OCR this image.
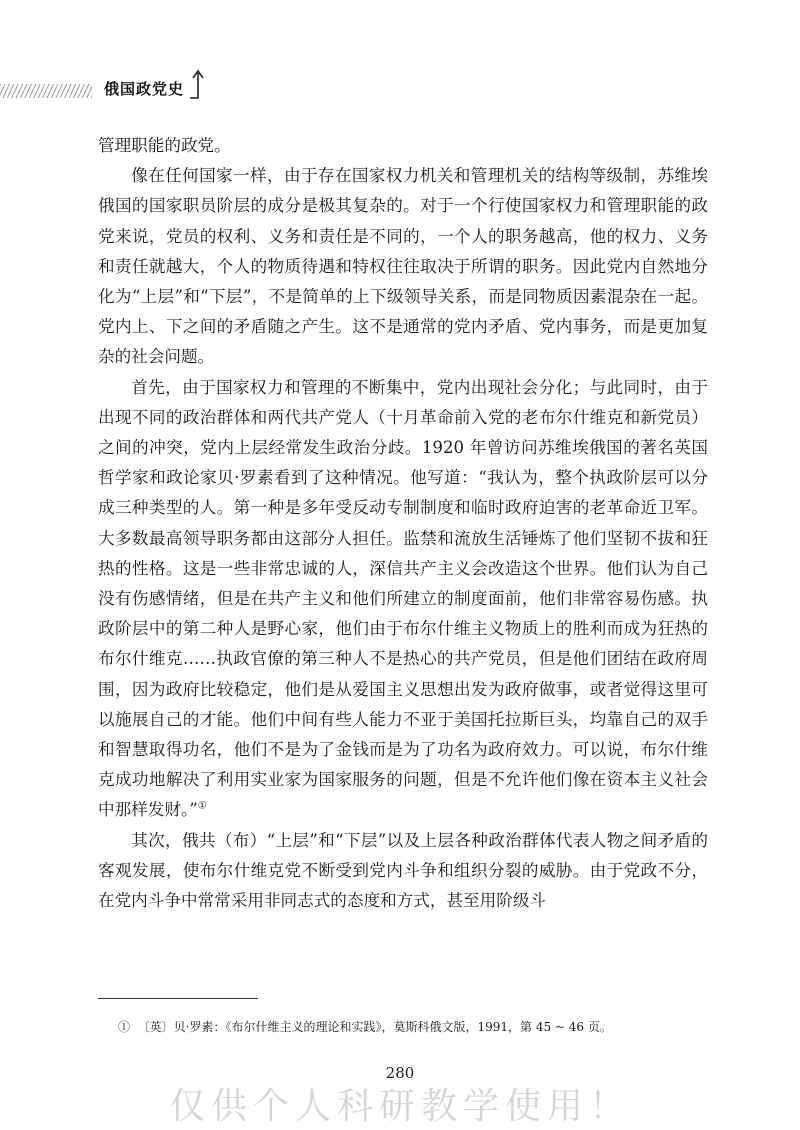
俄国政党史

管理职能的政党。

像在任何国家一样，由于存在国家权力机关和管理机关的结构等级制，苏维埃俄国的国家职员阶层的成分是极其复杂的。对于一个行使国家权力和管理职能的政党来说，党员的权利、义务和责任是不同的，一个人的职务越高，他的权力、义务和责任就越大，个人的物质待遇和特权往往取决于所谓的职务。因此党内自然地分化为“上层”和“下层”，不是简单的上下级领导关系，而是同物质因素混杂在一起。党内上、下之间的矛盾随之产生。这不是通常的党内矛盾、党内事务，而是更加复杂的社会问题。

首先，由于国家权力和管理的不断集中，党内出现社会分化；与此同时，由于出现不同的政治群体和两代共产党人（十月革命前入党的老布尔什维克和新党员）之间的冲突，党内上层经常发生政治分歧。1920 年曾访问苏维埃俄国的著名英国哲学家和政论家贝·罗素看到了这种情况。他写道：“我认为，整个执政阶层可以分成三种类型的人。第一种是多年受反动专制制度和临时政府迫害的老革命近卫军。大多数最高领导职务都由这部分人担任。监禁和流放生活锤炼了他们坚韧不拔和狂热的性格。这是一些非常忠诚的人，深信共产主义会改造这个世界。他们认为自己没有伤感情绪，但是在共产主义和他们所建立的制度面前，他们非常容易伤感。执政阶层中的第二种人是野心家，他们由于布尔什维主义物质上的胜利而成为狂热的布尔什维克……执政官僚的第三种人不是热心的共产党员，但是他们团结在政府周围，因为政府比较稳定，他们是从爱国主义思想出发为政府做事，或者觉得这里可以施展自己的才能。他们中间有些人能力不亚于美国托拉斯巨头，均靠自己的双手和智慧取得功名，他们不是为了金钱而是为了功名为政府效力。可以说，布尔什维克成功地解决了利用实业家为国家服务的问题，但是不允许他们像在资本主义社会中那样发财。”①

其次，俄共（布）“上层”和“下层”以及上层各种政治群体代表人物之间矛盾的客观发展，使布尔什维克党不断受到党内斗争和组织分裂的威胁。由于党政不分，在党内斗争中常常采用非同志式的态度和方式，甚至用阶级斗

① 〔英〕贝·罗素：《布尔什维主义的理论和实践》，莫斯科俄文版，1991，第 45 ~ 46 页。
280
仅供个人科研教学使用！
